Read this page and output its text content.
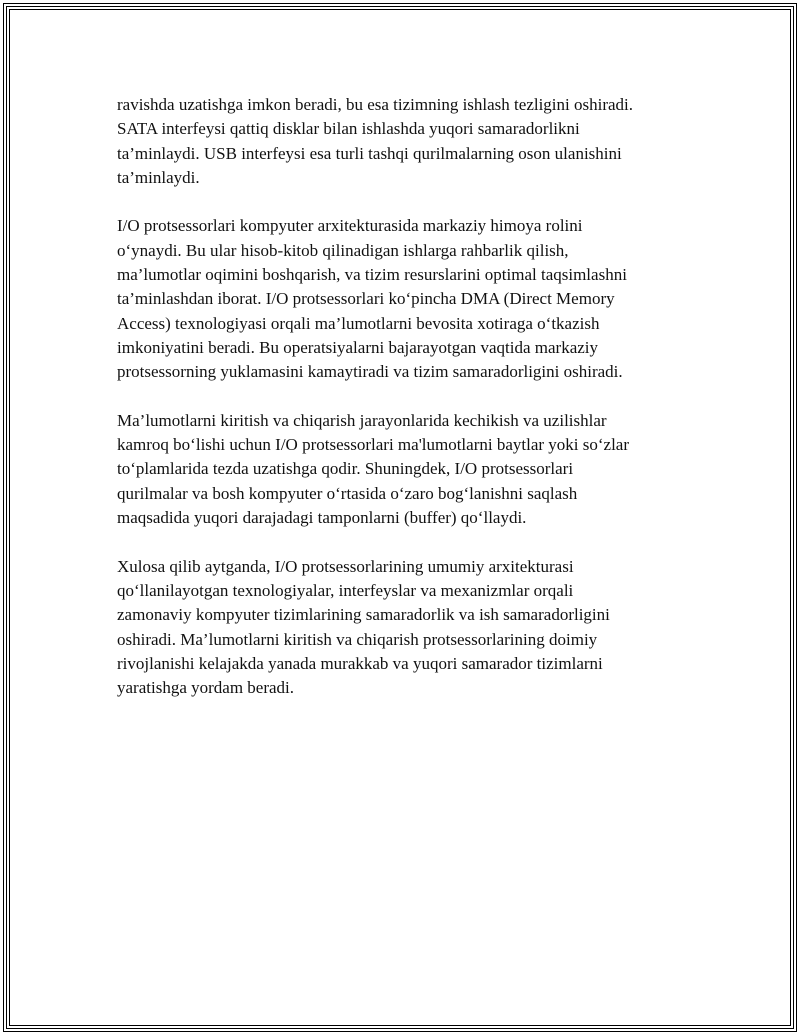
ravishda uzatishga imkon beradi, bu esa tizimning ishlash tezligini oshiradi.
SATA interfeysi qattiq disklar bilan ishlashda yuqori samaradorlikni
ta’minlaydi. USB interfeysi esa turli tashqi qurilmalarning oson ulanishini
ta’minlaydi.

I/O protsessorlari kompyuter arxitekturasida markaziy himoya rolini
o‘ynaydi. Bu ular hisob-kitob qilinadigan ishlarga rahbarlik qilish,
ma’lumotlar oqimini boshqarish, va tizim resurslarini optimal taqsimlashni
ta’minlashdan iborat. I/O protsessorlari ko‘pincha DMA (Direct Memory
Access) texnologiyasi orqali ma’lumotlarni bevosita xotiraga o‘tkazish
imkoniyatini beradi. Bu operatsiyalarni bajarayotgan vaqtida markaziy
protsessorning yuklamasini kamaytiradi va tizim samaradorligini oshiradi.

Ma’lumotlarni kiritish va chiqarish jarayonlarida kechikish va uzilishlar
kamroq bo‘lishi uchun I/O protsessorlari ma'lumotlarni baytlar yoki so‘zlar
to‘plamlarida tezda uzatishga qodir. Shuningdek, I/O protsessorlari
qurilmalar va bosh kompyuter o‘rtasida o‘zaro bog‘lanishni saqlash
maqsadida yuqori darajadagi tamponlarni (buffer) qo‘llaydi.

Xulosa qilib aytganda, I/O protsessorlarining umumiy arxitekturasi
qo‘llanilayotgan texnologiyalar, interfeyslar va mexanizmlar orqali
zamonaviy kompyuter tizimlarining samaradorlik va ish samaradorligini
oshiradi. Ma’lumotlarni kiritish va chiqarish protsessorlarining doimiy
rivojlanishi kelajakda yanada murakkab va yuqori samarador tizimlarni
yaratishga yordam beradi.
